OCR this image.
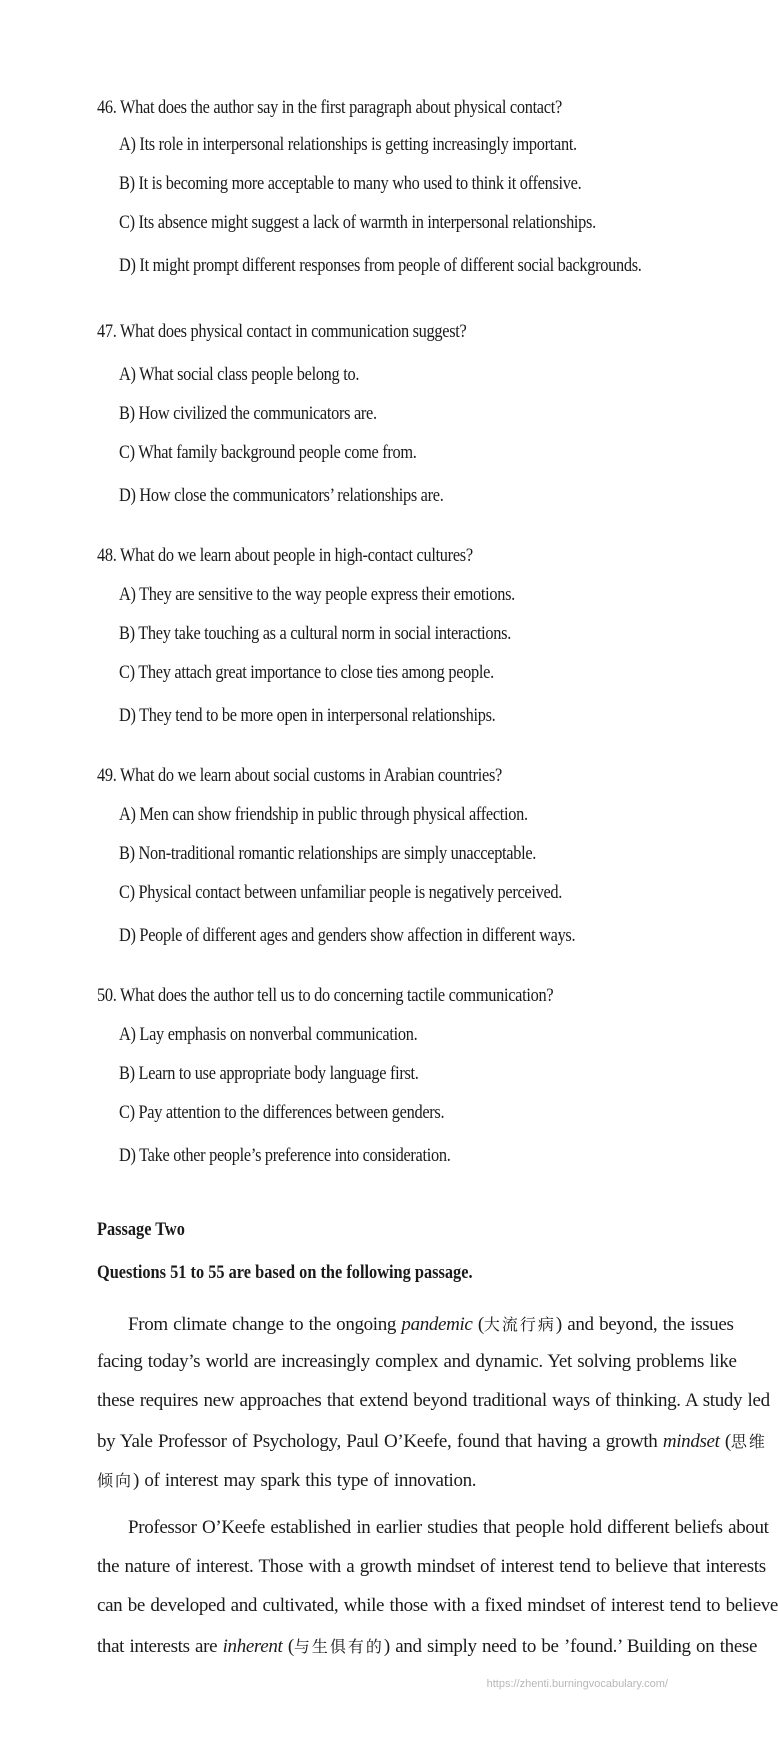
46. What does the author say in the first paragraph about physical contact?
A) Its role in interpersonal relationships is getting increasingly important.
B) It is becoming more acceptable to many who used to think it offensive.
C) Its absence might suggest a lack of warmth in interpersonal relationships.
D) It might prompt different responses from people of different social backgrounds.
47. What does physical contact in communication suggest?
A) What social class people belong to.
B) How civilized the communicators are.
C) What family background people come from.
D) How close the communicators’ relationships are.
48. What do we learn about people in high-contact cultures?
A) They are sensitive to the way people express their emotions.
B) They take touching as a cultural norm in social interactions.
C) They attach great importance to close ties among people.
D) They tend to be more open in interpersonal relationships.
49. What do we learn about social customs in Arabian countries?
A) Men can show friendship in public through physical affection.
B) Non-traditional romantic relationships are simply unacceptable.
C) Physical contact between unfamiliar people is negatively perceived.
D) People of different ages and genders show affection in different ways.
50. What does the author tell us to do concerning tactile communication?
A) Lay emphasis on nonverbal communication.
B) Learn to use appropriate body language first.
C) Pay attention to the differences between genders.
D) Take other people’s preference into consideration.
Passage Two
Questions 51 to 55 are based on the following passage.
From climate change to the ongoing pandemic (大流行病) and beyond, the issues
facing today’s world are increasingly complex and dynamic. Yet solving problems like
these requires new approaches that extend beyond traditional ways of thinking. A study led
by Yale Professor of Psychology, Paul O’Keefe, found that having a growth mindset (思维
倾向) of interest may spark this type of innovation.
Professor O’Keefe established in earlier studies that people hold different beliefs about
the nature of interest. Those with a growth mindset of interest tend to believe that interests
can be developed and cultivated, while those with a fixed mindset of interest tend to believe
that interests are inherent (与生俱有的) and simply need to be ’found.’ Building on these
https://zhenti.burningvocabulary.com/
